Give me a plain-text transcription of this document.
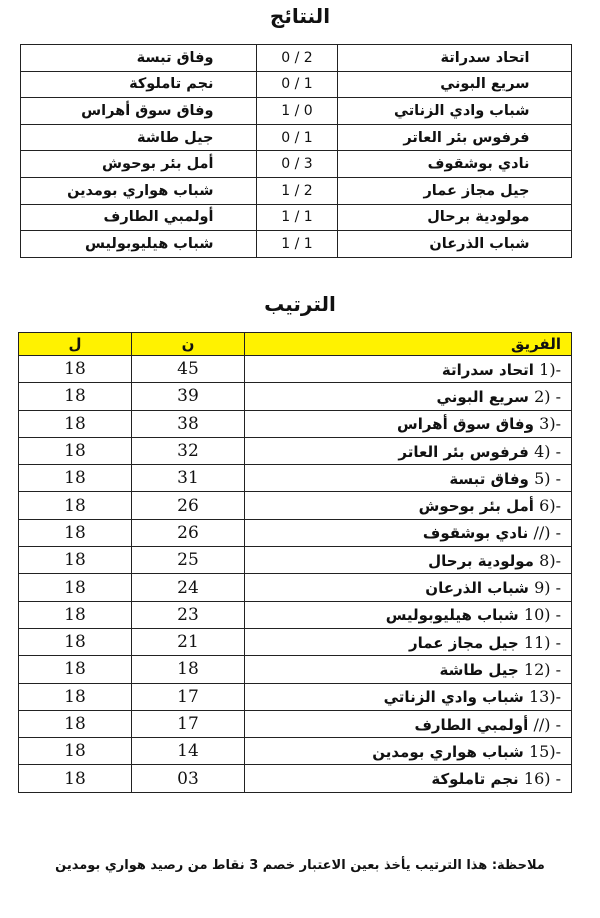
النتائج
وفاق تبسة	0 / 2	اتحاد سدراتة
نجم تاملوكة	0 / 1	سريع البوني
وفاق سوق أهراس	1 / 0	شباب وادي الزناتي
جيل طاشة	0 / 1	فرفوس بئر العاتر
أمل بئر بوحوش	0 / 3	نادي بوشقوف
شباب هواري بومدين	1 / 2	جيل مجاز عمار
أولمبي الطارف	1 / 1	مولودية برحال
شباب هيليوبوليس	1 / 1	شباب الذرعان
الترتيب
ل	ن	الفريق
18	45	1)- اتحاد سدراتة
18	39	2) - سريع البوني
18	38	3)- وفاق سوق أهراس
18	32	4) - فرفوس بئر العاتر
18	31	5) - وفاق تبسة
18	26	6)- أمل بئر بوحوش
18	26	//) - نادي بوشقوف
18	25	8)- مولودية برحال
18	24	9) - شباب الذرعان
18	23	10) - شباب هيليوبوليس
18	21	11) - جيل مجاز عمار
18	18	12) - جيل طاشة
18	17	13)- شباب وادي الزناتي
18	17	//) - أولمبي الطارف
18	14	15)- شباب هواري بومدين
18	03	16) - نجم تاملوكة
ملاحظة: هذا الترتيب يأخذ بعين الاعتبار خصم 3 نقاط من رصيد هواري بومدين
